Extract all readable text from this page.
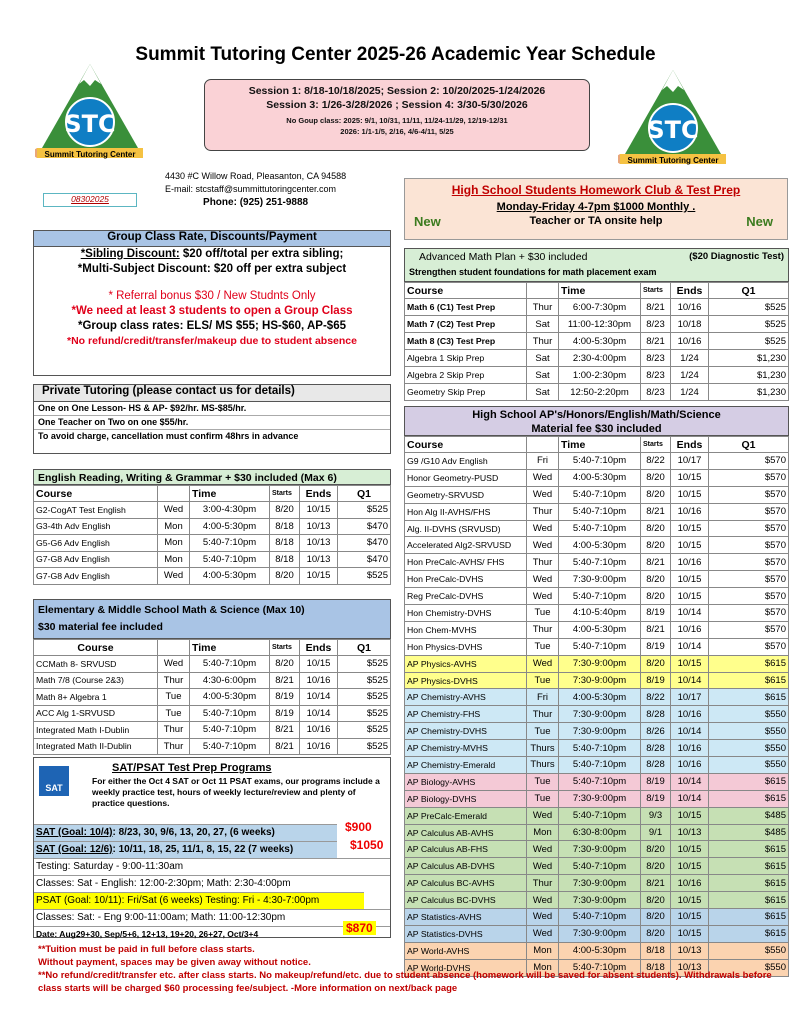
Summit Tutoring Center 2025-26 Academic Year Schedule
Session 1: 8/18-10/18/2025; Session 2: 10/20/2025-1/24/2026
Session 3: 1/26-3/28/2026 ; Session 4: 3/30-5/30/2026
No Goup class: 2025: 9/1, 10/31, 11/11, 11/24-11/29, 12/19-12/31
2026: 1/1-1/5, 2/16, 4/6-4/11, 5/25
STC
Summit Tutoring Center
STC
Summit Tutoring Center
4430 #C Willow Road, Pleasanton, CA 94588
E-mail: stcstaff@summittutoringcenter.com
Phone: (925) 251-9888
08302025
High School Students Homework Club & Test Prep
Monday-Friday 4-7pm $1000 Monthly .
Teacher or TA onsite help
New	New
Group Class Rate, Discounts/Payment

*Sibling Discount: $20 off/total per extra sibling;

*Multi-Subject Discount: $20 off per extra subject

* Referral bonus $30 / New Studnts Only

*We need at least 3 students to open a Group Class

*Group class rates: ELS/ MS $55; HS-$60, AP-$65

*No refund/credit/transfer/makeup due to student absence

Private Tutoring (please contact us for details)
One on One Lesson- HS & AP- $92/hr. MS-$85/hr.
One Teacher on Two on one $55/hr.
To avoid charge, cancellation must confirm 48hrs in advance
English Reading, Writing & Grammar + $30 included (Max 6)
Course		Time	Starts	Ends	Q1
G2-CogAT Test English	Wed	3:00-4:30pm	8/20	10/15	$525
G3-4th Adv English	Mon	4:00-5:30pm	8/18	10/13	$470
G5-G6 Adv English	Mon	5:40-7:10pm	8/18	10/13	$470
G7-G8 Adv English	Mon	5:40-7:10pm	8/18	10/13	$470
G7-G8 Adv English	Wed	4:00-5:30pm	8/20	10/15	$525
Elementary & Middle School Math & Science (Max 10)
$30 material fee included
Course		Time	Starts	Ends	Q1
CCMath 8- SRVUSD	Wed	5:40-7:10pm	8/20	10/15	$525
Math 7/8 (Course 2&3)	Thur	4:30-6:00pm	8/21	10/16	$525
Math 8+ Algebra 1	Tue	4:00-5:30pm	8/19	10/14	$525
ACC Alg 1-SRVUSD	Tue	5:40-7:10pm	8/19	10/14	$525
Integrated Math I-Dublin	Thur	5:40-7:10pm	8/21	10/16	$525
Integrated Math II-Dublin	Thur	5:40-7:10pm	8/21	10/16	$525
SAT
SAT/PSAT Test Prep Programs
For either the Oct 4 SAT or Oct 11 PSAT exams, our programs include a weekly practice test, hours of weekly lecture/review and plenty of practice questions.
SAT (Goal: 10/4): 8/23, 30, 9/6, 13, 20, 27, (6 weeks)
SAT (Goal: 12/6): 10/11, 18, 25, 11/1, 8, 15, 22 (7 weeks)
Testing: Saturday - 9:00-11:30am
Classes: Sat - English: 12:00-2:30pm; Math: 2:30-4:00pm
PSAT (Goal: 10/11): Fri/Sat (6 weeks) Testing: Fri - 4:30-7:00pm
Classes: Sat: - Eng 9:00-11:00am; Math: 11:00-12:30pm
Date: Aug29+30, Sep/5+6, 12+13, 19+20, 26+27, Oct/3+4
$900
$1050
$870
Advanced Math Plan + $30 included	($20 Diagnostic Test)
Strengthen student foundations for math placement exam
Course		Time	Starts	Ends	Q1
Math 6 (C1) Test Prep	Thur	6:00-7:30pm	8/21	10/16	$525
Math 7 (C2) Test Prep	Sat	11:00-12:30pm	8/23	10/18	$525
Math 8 (C3) Test Prep	Thur	4:00-5:30pm	8/21	10/16	$525
Algebra 1 Skip Prep	Sat	2:30-4:00pm	8/23	1/24	$1,230
Algebra 2 Skip Prep	Sat	1:00-2:30pm	8/23	1/24	$1,230
Geometry Skip Prep	Sat	12:50-2:20pm	8/23	1/24	$1,230
High School AP's/Honors/English/Math/Science
Material fee $30 included
Course		Time	Starts	Ends	Q1
G9 /G10 Adv English	Fri	5:40-7:10pm	8/22	10/17	$570
Honor Geometry-PUSD	Wed	4:00-5:30pm	8/20	10/15	$570
Geometry-SRVUSD	Wed	5:40-7:10pm	8/20	10/15	$570
Hon Alg II-AVHS/FHS	Thur	5:40-7:10pm	8/21	10/16	$570
Alg. II-DVHS (SRVUSD)	Wed	5:40-7:10pm	8/20	10/15	$570
Accelerated Alg2-SRVUSD	Wed	4:00-5:30pm	8/20	10/15	$570
Hon PreCalc-AVHS/ FHS	Thur	5:40-7:10pm	8/21	10/16	$570
Hon PreCalc-DVHS	Wed	7:30-9:00pm	8/20	10/15	$570
Reg PreCalc-DVHS	Wed	5:40-7:10pm	8/20	10/15	$570
Hon Chemistry-DVHS	Tue	4:10-5:40pm	8/19	10/14	$570
Hon Chem-MVHS	Thur	4:00-5:30pm	8/21	10/16	$570
Hon Physics-DVHS	Tue	5:40-7:10pm	8/19	10/14	$570
AP Physics-AVHS	Wed	7:30-9:00pm	8/20	10/15	$615
AP Physics-DVHS	Tue	7:30-9:00pm	8/19	10/14	$615
AP Chemistry-AVHS	Fri	4:00-5:30pm	8/22	10/17	$615
AP Chemistry-FHS	Thur	7:30-9:00pm	8/28	10/16	$550
AP Chemistry-DVHS	Tue	7:30-9:00pm	8/26	10/14	$550
AP Chemistry-MVHS	Thurs	5:40-7:10pm	8/28	10/16	$550
AP Chemistry-Emerald	Thurs	5:40-7:10pm	8/28	10/16	$550
AP Biology-AVHS	Tue	5:40-7:10pm	8/19	10/14	$615
AP Biology-DVHS	Tue	7:30-9:00pm	8/19	10/14	$615
AP PreCalc-Emerald	Wed	5:40-7:10pm	9/3	10/15	$485
AP Calculus AB-AVHS	Mon	6:30-8:00pm	9/1	10/13	$485
AP Calculus AB-FHS	Wed	7:30-9:00pm	8/20	10/15	$615
AP Calculus AB-DVHS	Wed	5:40-7:10pm	8/20	10/15	$615
AP Calculus BC-AVHS	Thur	7:30-9:00pm	8/21	10/16	$615
AP Calculus BC-DVHS	Wed	7:30-9:00pm	8/20	10/15	$615
AP Statistics-AVHS	Wed	5:40-7:10pm	8/20	10/15	$615
AP Statistics-DVHS	Wed	7:30-9:00pm	8/20	10/15	$615
AP World-AVHS	Mon	4:00-5:30pm	8/18	10/13	$550
AP World-DVHS	Mon	5:40-7:10pm	8/18	10/13	$550
**Tuition must be paid in full before class starts.
Without payment, spaces may be given away without notice.
**No refund/credit/transfer etc. after class starts. No makeup/refund/etc. due to student absence (homework will be saved for absent students). Withdrawals before class starts will be charged $60 processing fee/subject. -More information on next/back page
